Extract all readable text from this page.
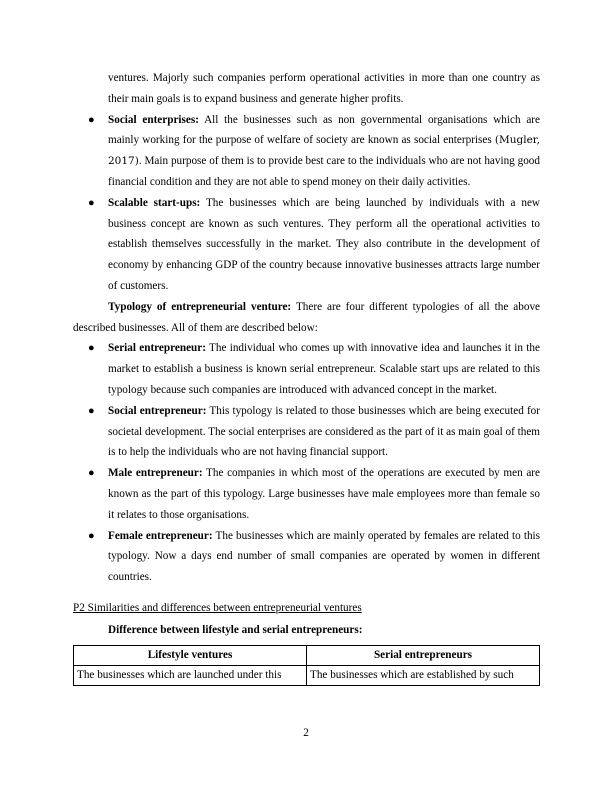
ventures. Majorly such companies perform operational activities in more than one country as their main goals is to expand business and generate higher profits.

● Social enterprises: All the businesses such as non governmental organisations which are mainly working for the purpose of welfare of society are known as social enterprises (Mugler, 2017). Main purpose of them is to provide best care to the individuals who are not having good financial condition and they are not able to spend money on their daily activities.
● Scalable start-ups: The businesses which are being launched by individuals with a new business concept are known as such ventures. They perform all the operational activities to establish themselves successfully in the market. They also contribute in the development of economy by enhancing GDP of the country because innovative businesses attracts large number of customers.

Typology of entrepreneurial venture: There are four different typologies of all the above described businesses. All of them are described below:

● Serial entrepreneur: The individual who comes up with innovative idea and launches it in the market to establish a business is known serial entrepreneur. Scalable start ups are related to this typology because such companies are introduced with advanced concept in the market.
● Social entrepreneur: This typology is related to those businesses which are being executed for societal development. The social enterprises are considered as the part of it as main goal of them is to help the individuals who are not having financial support.
● Male entrepreneur: The companies in which most of the operations are executed by men are known as the part of this typology. Large businesses have male employees more than female so it relates to those organisations.
● Female entrepreneur: The businesses which are mainly operated by females are related to this typology. Now a days end number of small companies are operated by women in different countries.

P2 Similarities and differences between entrepreneurial ventures

Difference between lifestyle and serial entrepreneurs:

Lifestyle ventures	Serial entrepreneurs
The businesses which are launched under this	The businesses which are established by such
2
